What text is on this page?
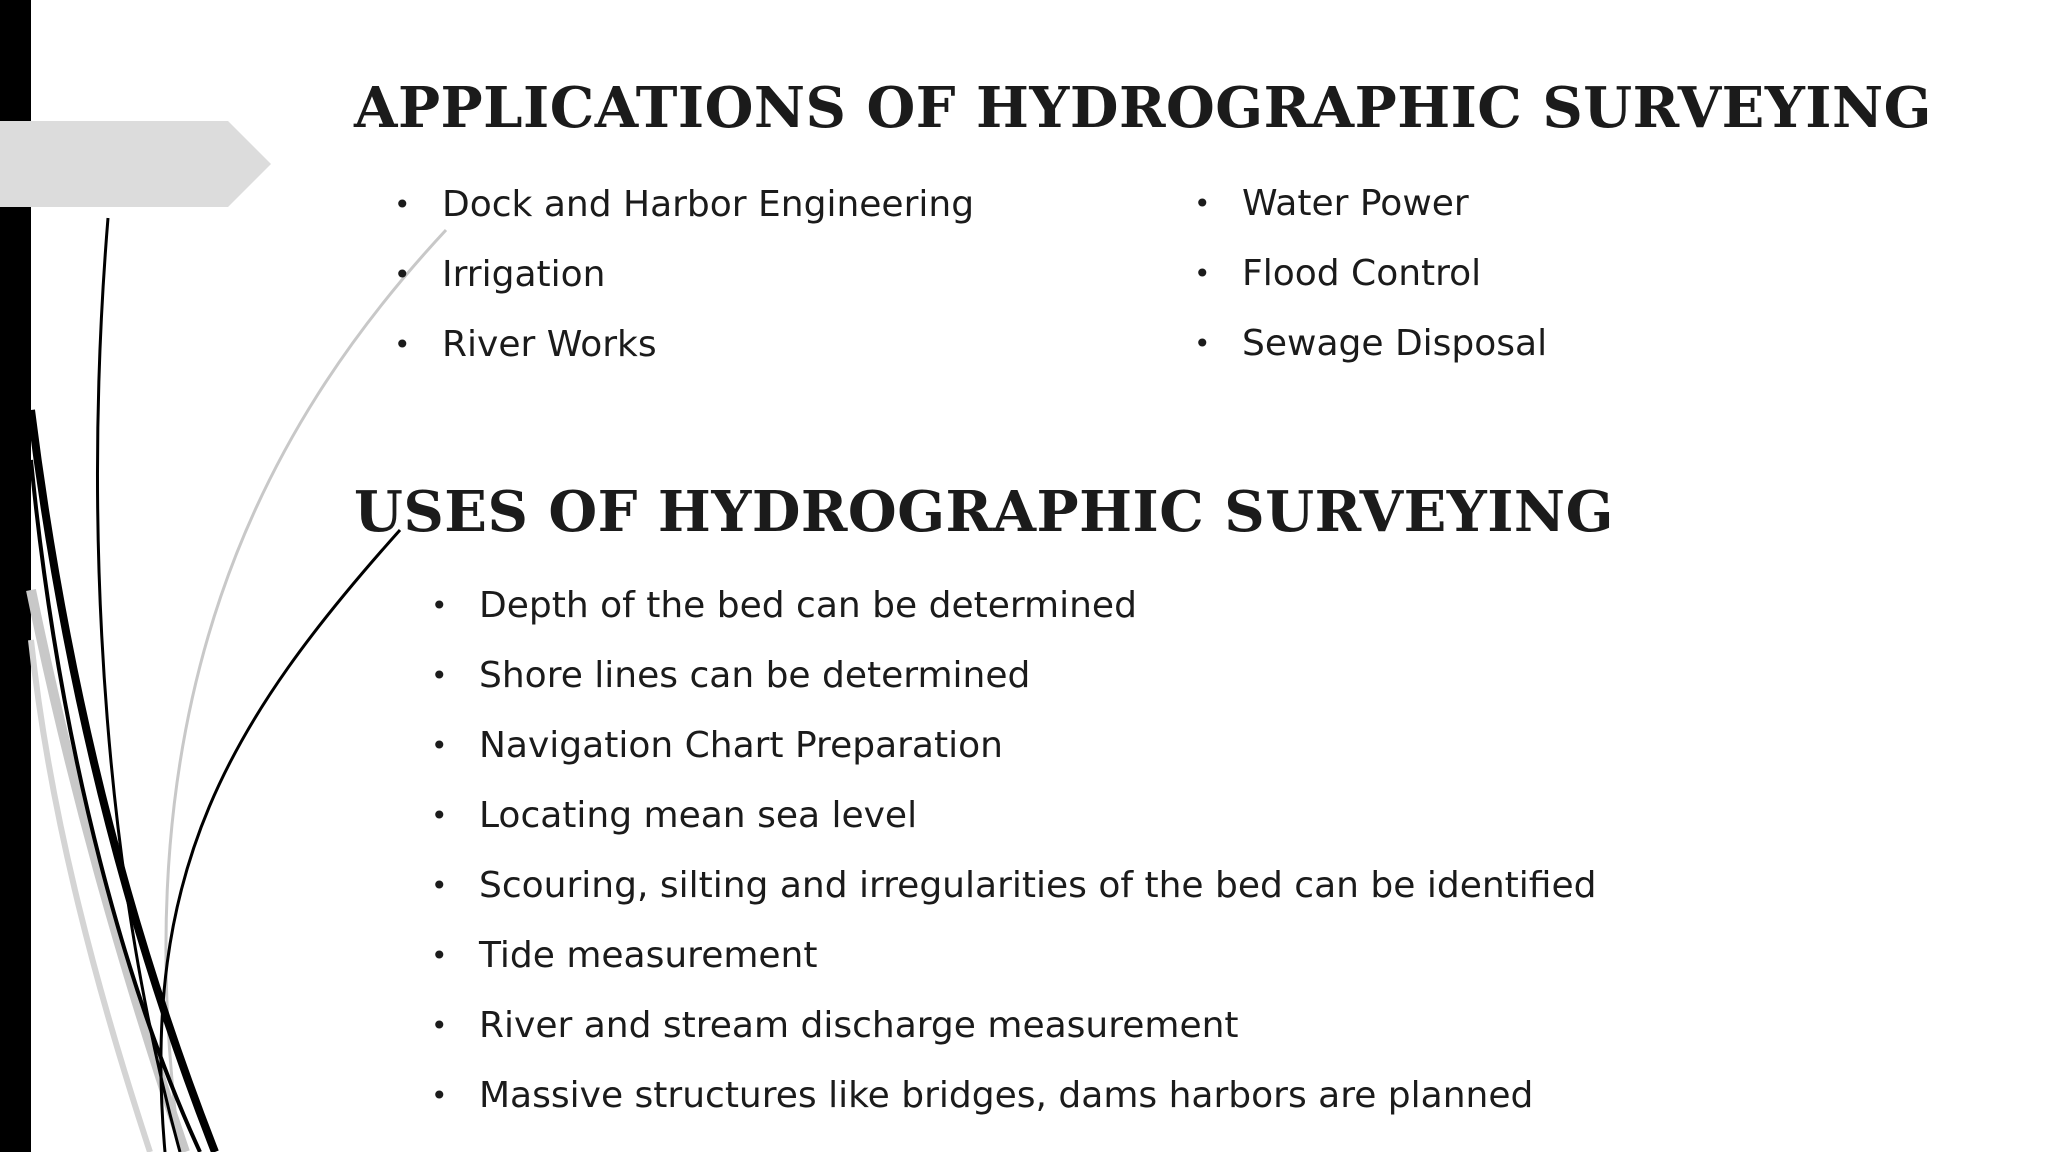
APPLICATIONS OF HYDROGRAPHIC SURVEYING
• Dock and Harbor Engineering
• Irrigation
• River Works
• Water Power
• Flood Control
• Sewage Disposal
USES OF HYDROGRAPHIC SURVEYING
• Depth of the bed can be determined
• Shore lines can be determined
• Navigation Chart Preparation
• Locating mean sea level
• Scouring, silting and irregularities of the bed can be identified
• Tide measurement
• River and stream discharge measurement
• Massive structures like bridges, dams harbors are planned
